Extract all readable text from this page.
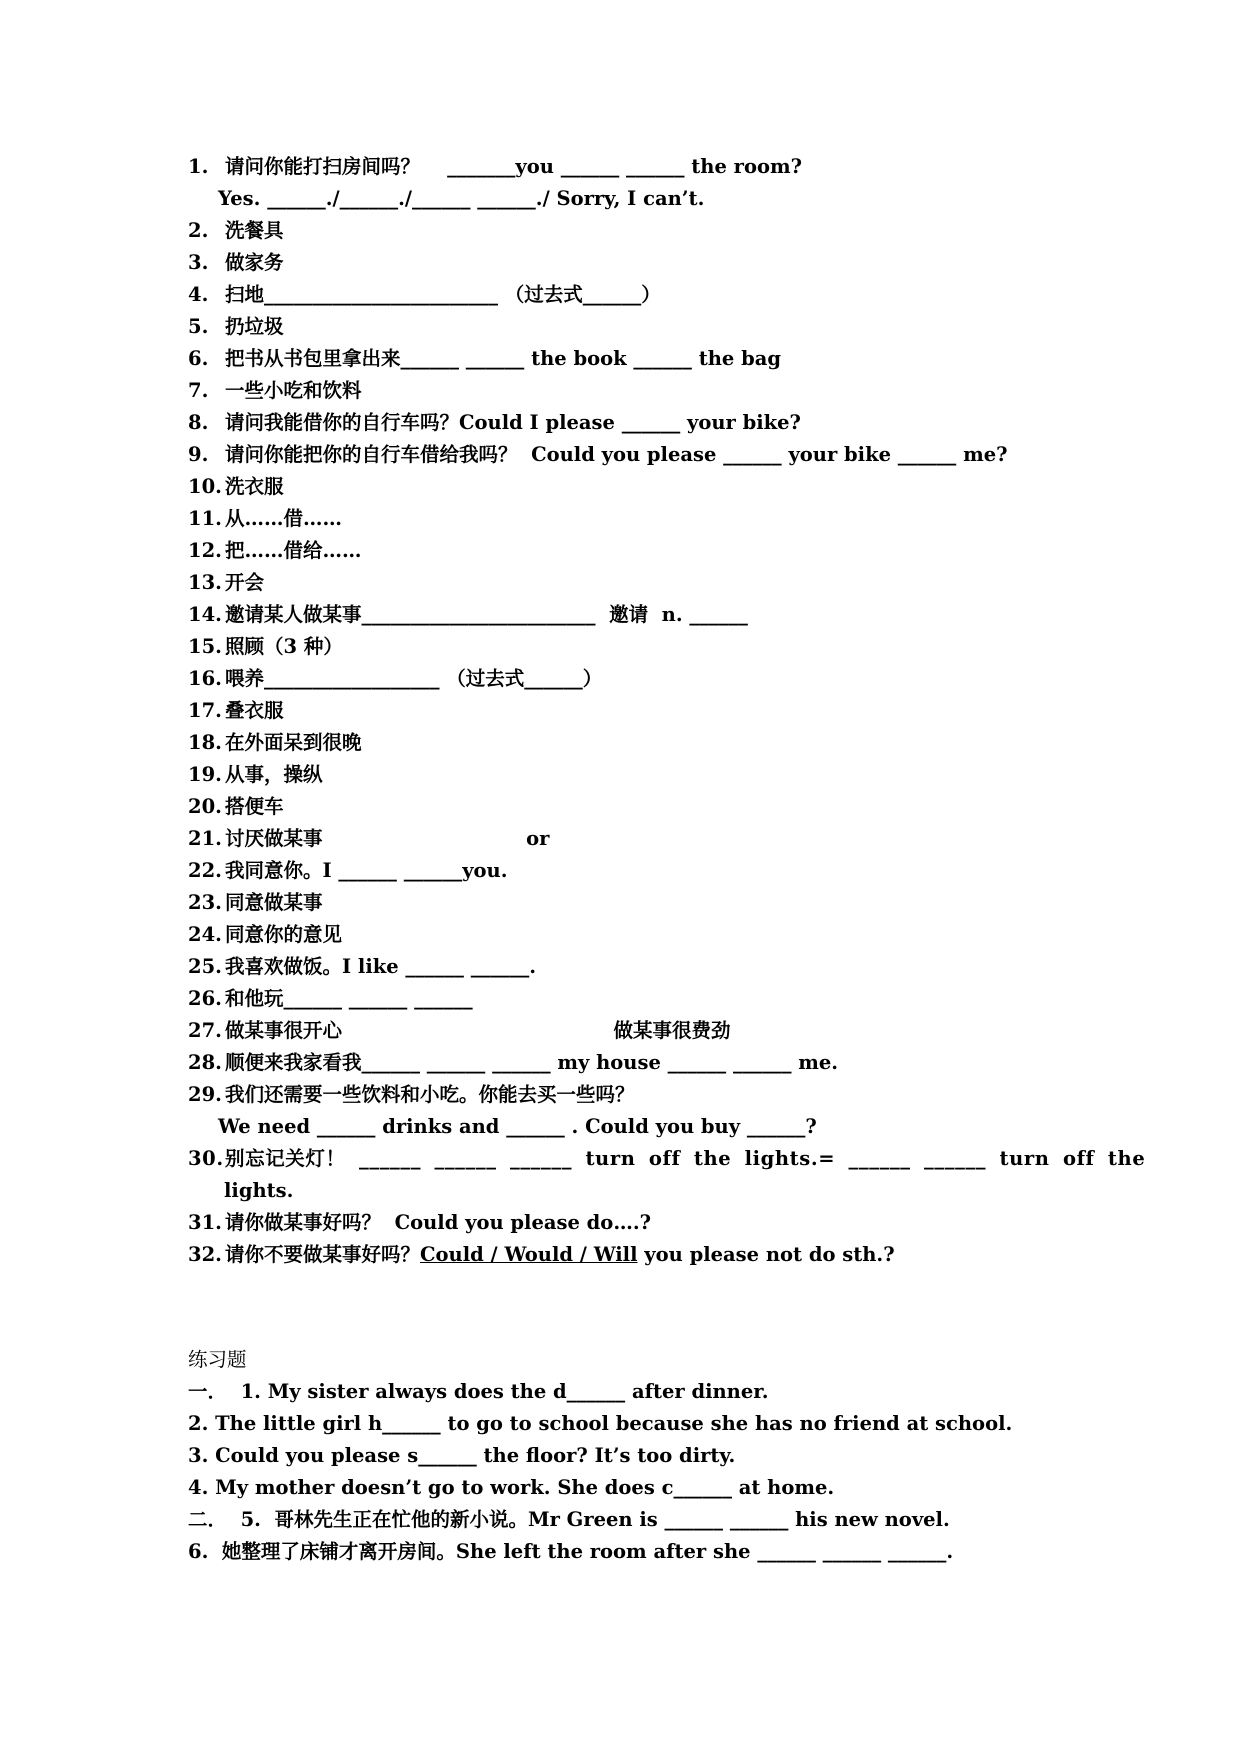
1. 请问你能打扫房间吗？    _______you ______ ______ the room?
Yes. ______./______./______ ______./ Sorry, I can’t.
2. 洗餐具
3. 做家务
4. 扫地________________________ （过去式______）
5. 扔垃圾
6. 把书从书包里拿出来______ ______ the book ______ the bag
7. 一些小吃和饮料
8. 请问我能借你的自行车吗？Could I please ______ your bike?
9. 请问你能把你的自行车借给我吗？  Could you please ______ your bike ______ me?
10. 洗衣服
11. 从……借……
12. 把……借给……
13. 开会
14. 邀请某人做某事________________________  邀请  n. ______
15. 照顾（3 种）
16. 喂养__________________ （过去式______）
17. 叠衣服
18. 在外面呆到很晚
19. 从事，操纵
20. 搭便车
21. 讨厌做某事                              or
22. 我同意你。I ______ ______you.
23. 同意做某事
24. 同意你的意见
25. 我喜欢做饭。I like ______ ______.
26. 和他玩______ ______ ______
27. 做某事很开心                                        做某事很费劲
28. 顺便来我家看我______ ______ ______ my house ______ ______ me.
29. 我们还需要一些饮料和小吃。你能去买一些吗？
We need ______ drinks and ______ . Could you buy ______?
30.别忘记关灯！ ______ ______ ______ turn off the lights.= ______ ______ turn off the
lights.
31. 请你做某事好吗？  Could you please do….?
32. 请你不要做某事好吗？Could / Would / Will you please not do sth.?
练习题
一．  1. My sister always does the d______ after dinner.
2. The little girl h______ to go to school because she has no friend at school.
3. Could you please s______ the floor? It’s too dirty.
4. My mother doesn’t go to work. She does c______ at home.
二．  5.  哥林先生正在忙他的新小说。Mr Green is ______ ______ his new novel.
6.  她整理了床铺才离开房间。She left the room after she ______ ______ ______.
